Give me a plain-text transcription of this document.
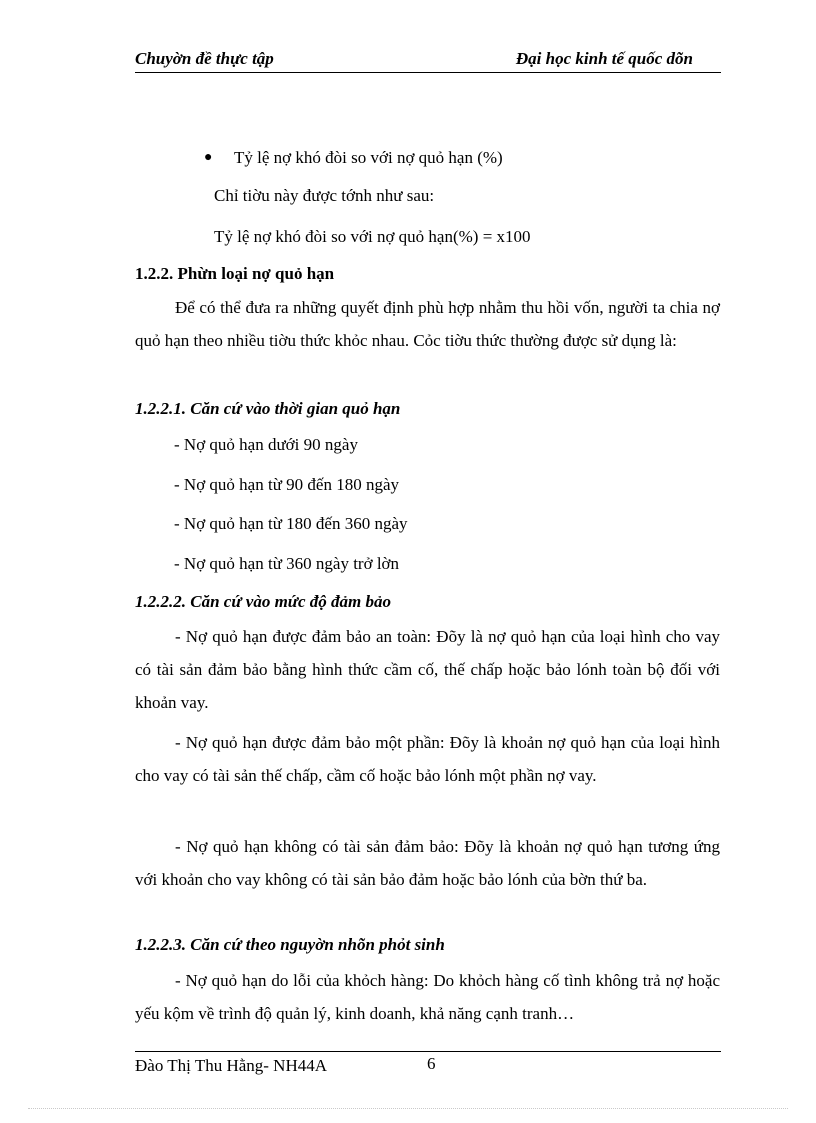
Chuyờn đề thực tập	Đại học kinh tế quốc dõn
● Tỷ lệ nợ khó đòi so với nợ quỏ hạn (%)
Chỉ tiờu này được tớnh như sau:
Tỷ lệ nợ khó đòi so với nợ quỏ hạn(%) = x100
1.2.2. Phừn loại nợ quỏ hạn
Để có thể đưa ra những quyết định phù hợp nhằm thu hồi vốn, người ta chia nợ quỏ hạn theo nhiều tiờu thức khỏc nhau. Cỏc tiờu thức thường được sử dụng là:
1.2.2.1. Căn cứ vào thời gian quỏ hạn
- Nợ quỏ hạn dưới 90 ngày
- Nợ quỏ hạn từ 90 đến 180 ngày
- Nợ quỏ hạn từ 180 đến 360 ngày
- Nợ quỏ hạn từ 360 ngày trở lờn
1.2.2.2. Căn cứ vào mức độ đảm bảo
- Nợ quỏ hạn được đảm bảo an toàn: Đõy là nợ quỏ hạn của loại hình cho vay có tài sản đảm bảo bằng hình thức cầm cố, thế chấp hoặc bảo lónh toàn bộ đối với khoản vay.
- Nợ quỏ hạn được đảm bảo một phần: Đõy là khoản nợ quỏ hạn của loại hình cho vay có tài sản thế chấp, cầm cố hoặc bảo lónh một phần nợ vay.
- Nợ quỏ hạn không có tài sản đảm bảo: Đõy là khoản nợ quỏ hạn tương ứng với khoản cho vay không có tài sản bảo đảm hoặc bảo lónh của bờn thứ ba.
1.2.2.3. Căn cứ theo nguyờn nhõn phỏt sinh
- Nợ quỏ hạn do lỗi của khỏch hàng: Do khỏch hàng cố tình không trả nợ hoặc yếu kộm về trình độ quản lý, kinh doanh, khả năng cạnh tranh…
Đào Thị Thu Hằng- NH44A	6
